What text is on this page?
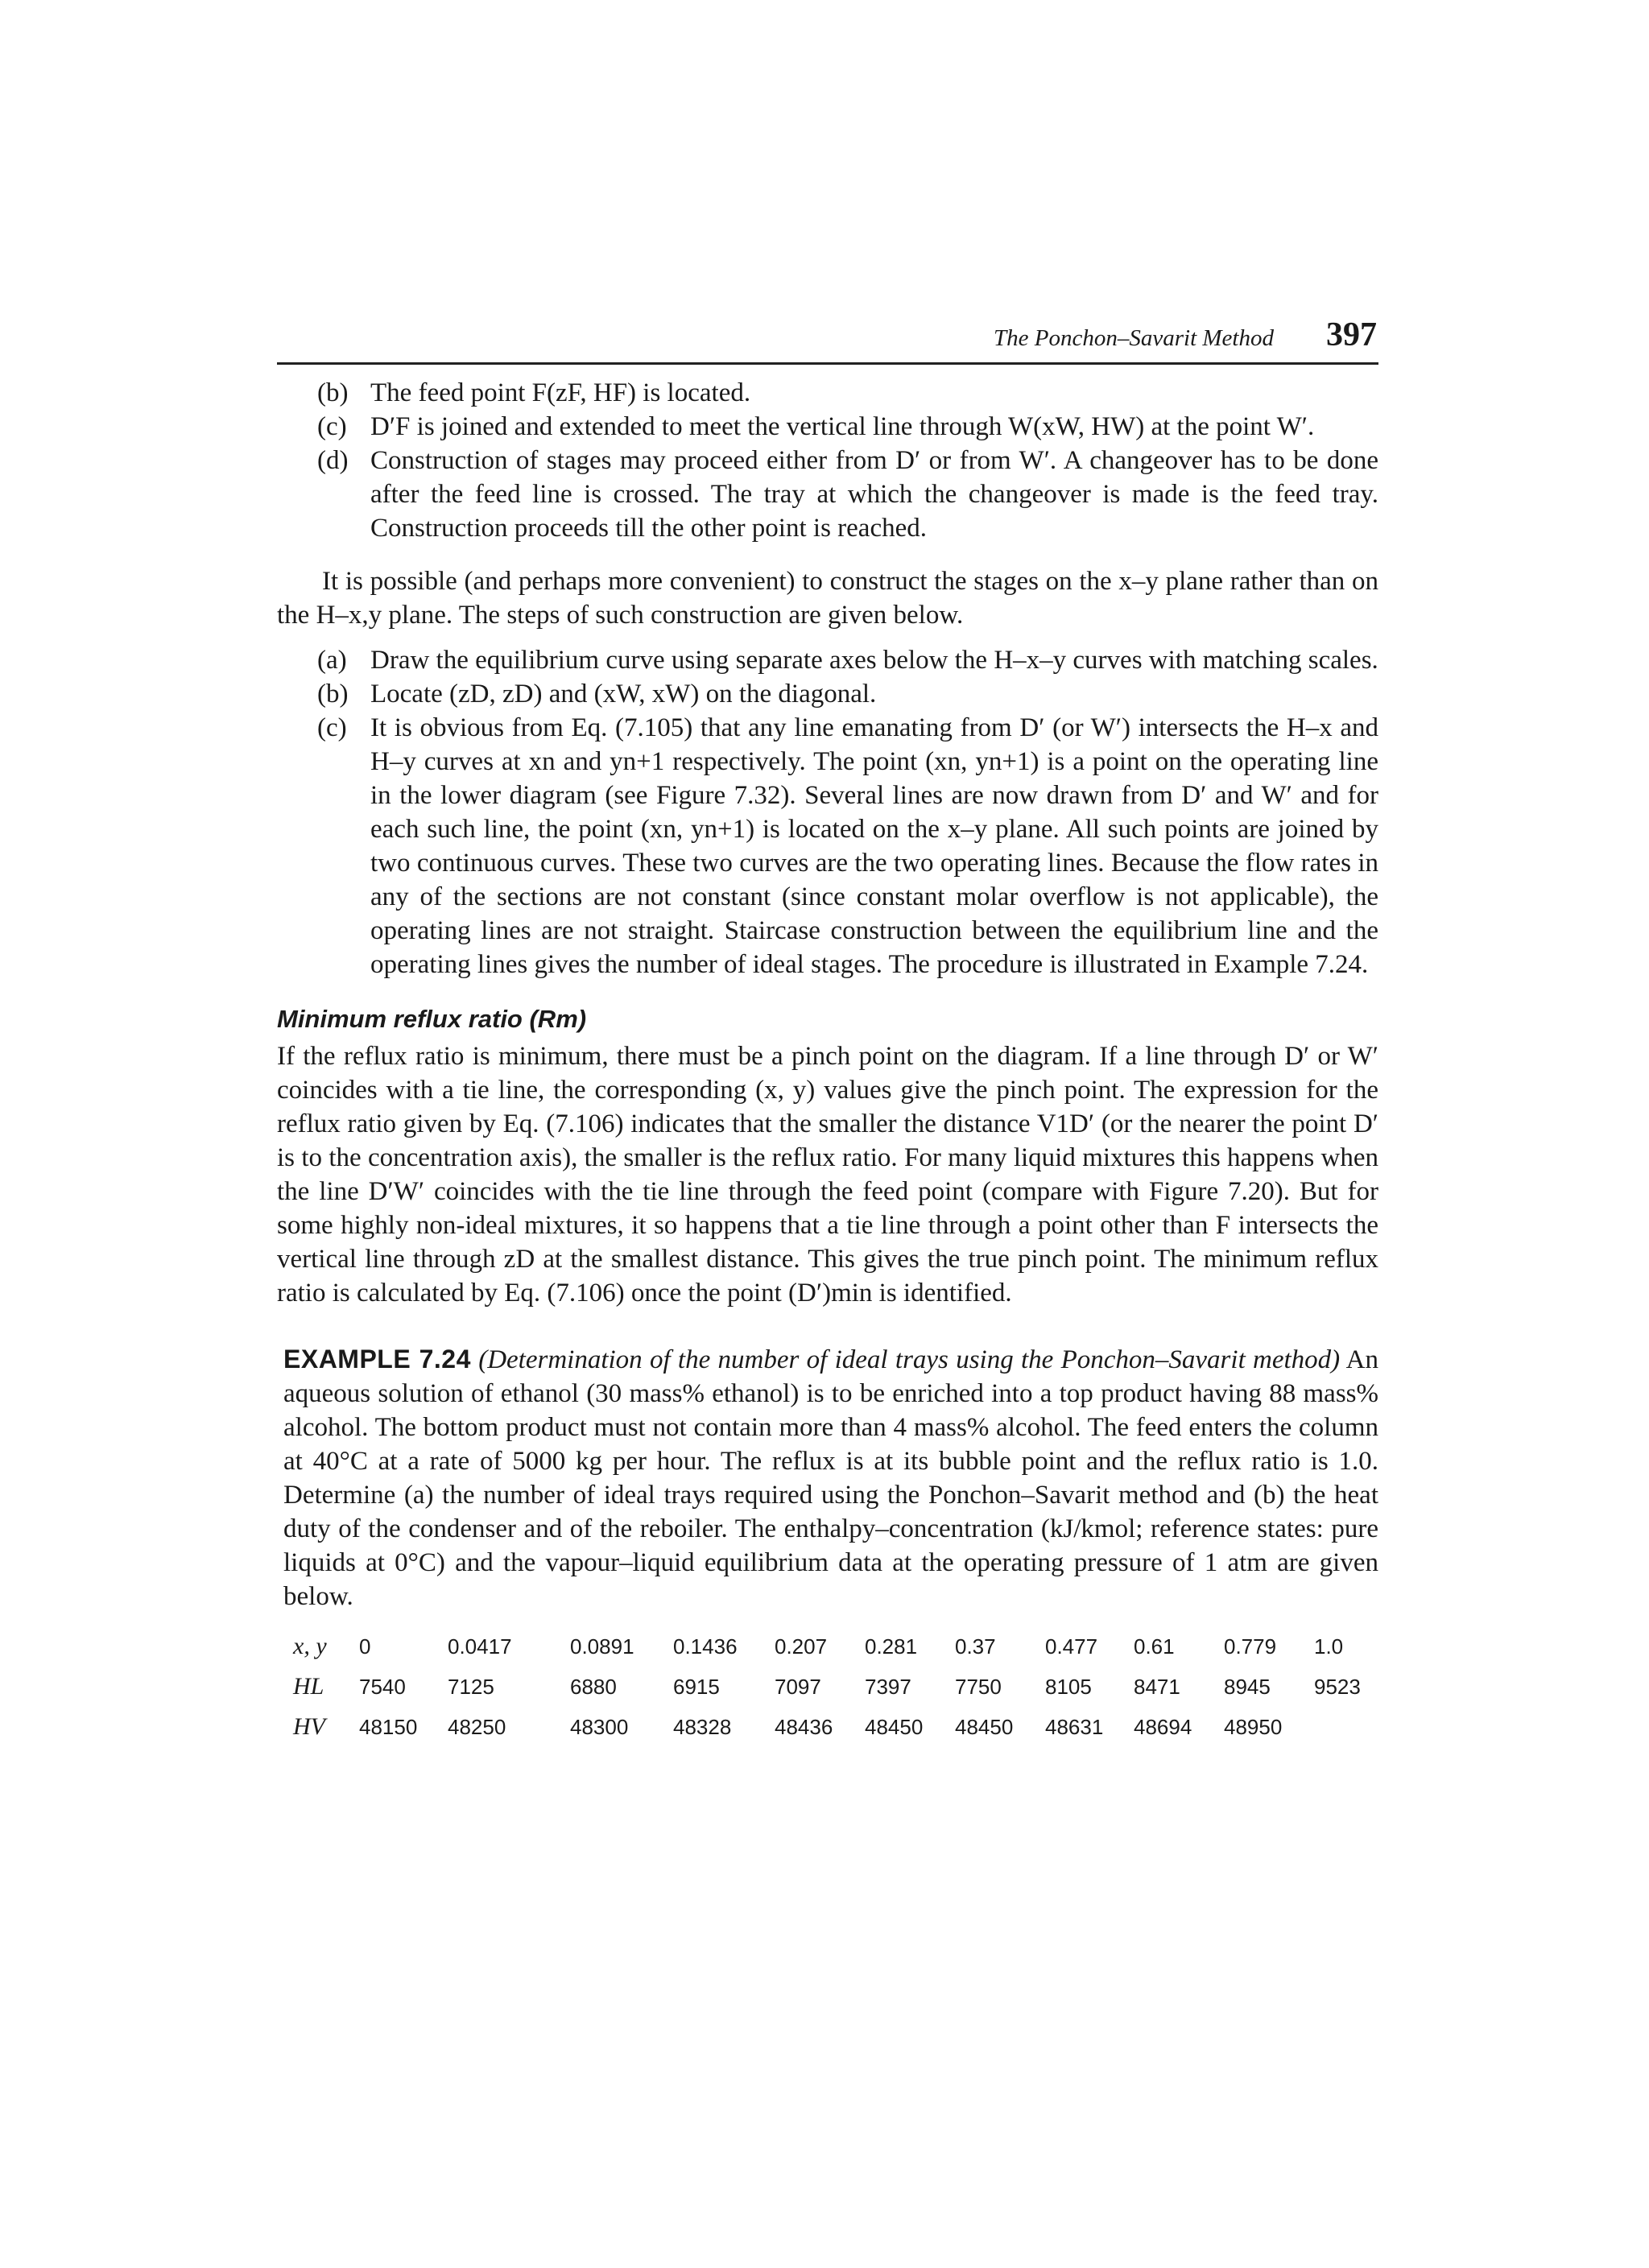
The Ponchon–Savarit Method 397
(b) The feed point F(zF, HF) is located.
(c) D′F is joined and extended to meet the vertical line through W(xW, HW) at the point W′.
(d) Construction of stages may proceed either from D′ or from W′. A changeover has to be done after the feed line is crossed. The tray at which the changeover is made is the feed tray. Construction proceeds till the other point is reached.

It is possible (and perhaps more convenient) to construct the stages on the x–y plane rather than on the H–x,y plane. The steps of such construction are given below.

(a) Draw the equilibrium curve using separate axes below the H–x–y curves with matching scales.
(b) Locate (zD, zD) and (xW, xW) on the diagonal.
(c) It is obvious from Eq. (7.105) that any line emanating from D′ (or W′) intersects the H–x and H–y curves at xn and yn+1 respectively. The point (xn, yn+1) is a point on the operating line in the lower diagram (see Figure 7.32). Several lines are now drawn from D′ and W′ and for each such line, the point (xn, yn+1) is located on the x–y plane. All such points are joined by two continuous curves. These two curves are the two operating lines. Because the flow rates in any of the sections are not constant (since constant molar overflow is not applicable), the operating lines are not straight. Staircase construction between the equilibrium line and the operating lines gives the number of ideal stages. The procedure is illustrated in Example 7.24.
Minimum reflux ratio (Rm)

If the reflux ratio is minimum, there must be a pinch point on the diagram. If a line through D′ or W′ coincides with a tie line, the corresponding (x, y) values give the pinch point. The expression for the reflux ratio given by Eq. (7.106) indicates that the smaller the distance V1D′ (or the nearer the point D′ is to the concentration axis), the smaller is the reflux ratio. For many liquid mixtures this happens when the line D′W′ coincides with the tie line through the feed point (compare with Figure 7.20). But for some highly non-ideal mixtures, it so happens that a tie line through a point other than F intersects the vertical line through zD at the smallest distance. This gives the true pinch point. The minimum reflux ratio is calculated by Eq. (7.106) once the point (D′)min is identified.

EXAMPLE 7.24 (Determination of the number of ideal trays using the Ponchon–Savarit method) An aqueous solution of ethanol (30 mass% ethanol) is to be enriched into a top product having 88 mass% alcohol. The bottom product must not contain more than 4 mass% alcohol. The feed enters the column at 40°C at a rate of 5000 kg per hour. The reflux is at its bubble point and the reflux ratio is 1.0. Determine (a) the number of ideal trays required using the Ponchon–Savarit method and (b) the heat duty of the condenser and of the reboiler. The enthalpy–concentration (kJ/kmol; reference states: pure liquids at 0°C) and the vapour–liquid equilibrium data at the operating pressure of 1 atm are given below.
x, y	0	0.0417	0.0891	0.1436	0.207	0.281	0.37	0.477	0.61	0.779	1.0
HL	7540	7125	6880	6915	7097	7397	7750	8105	8471	8945	9523
HV	48150	48250	48300	48328	48436	48450	48450	48631	48694	48950	
